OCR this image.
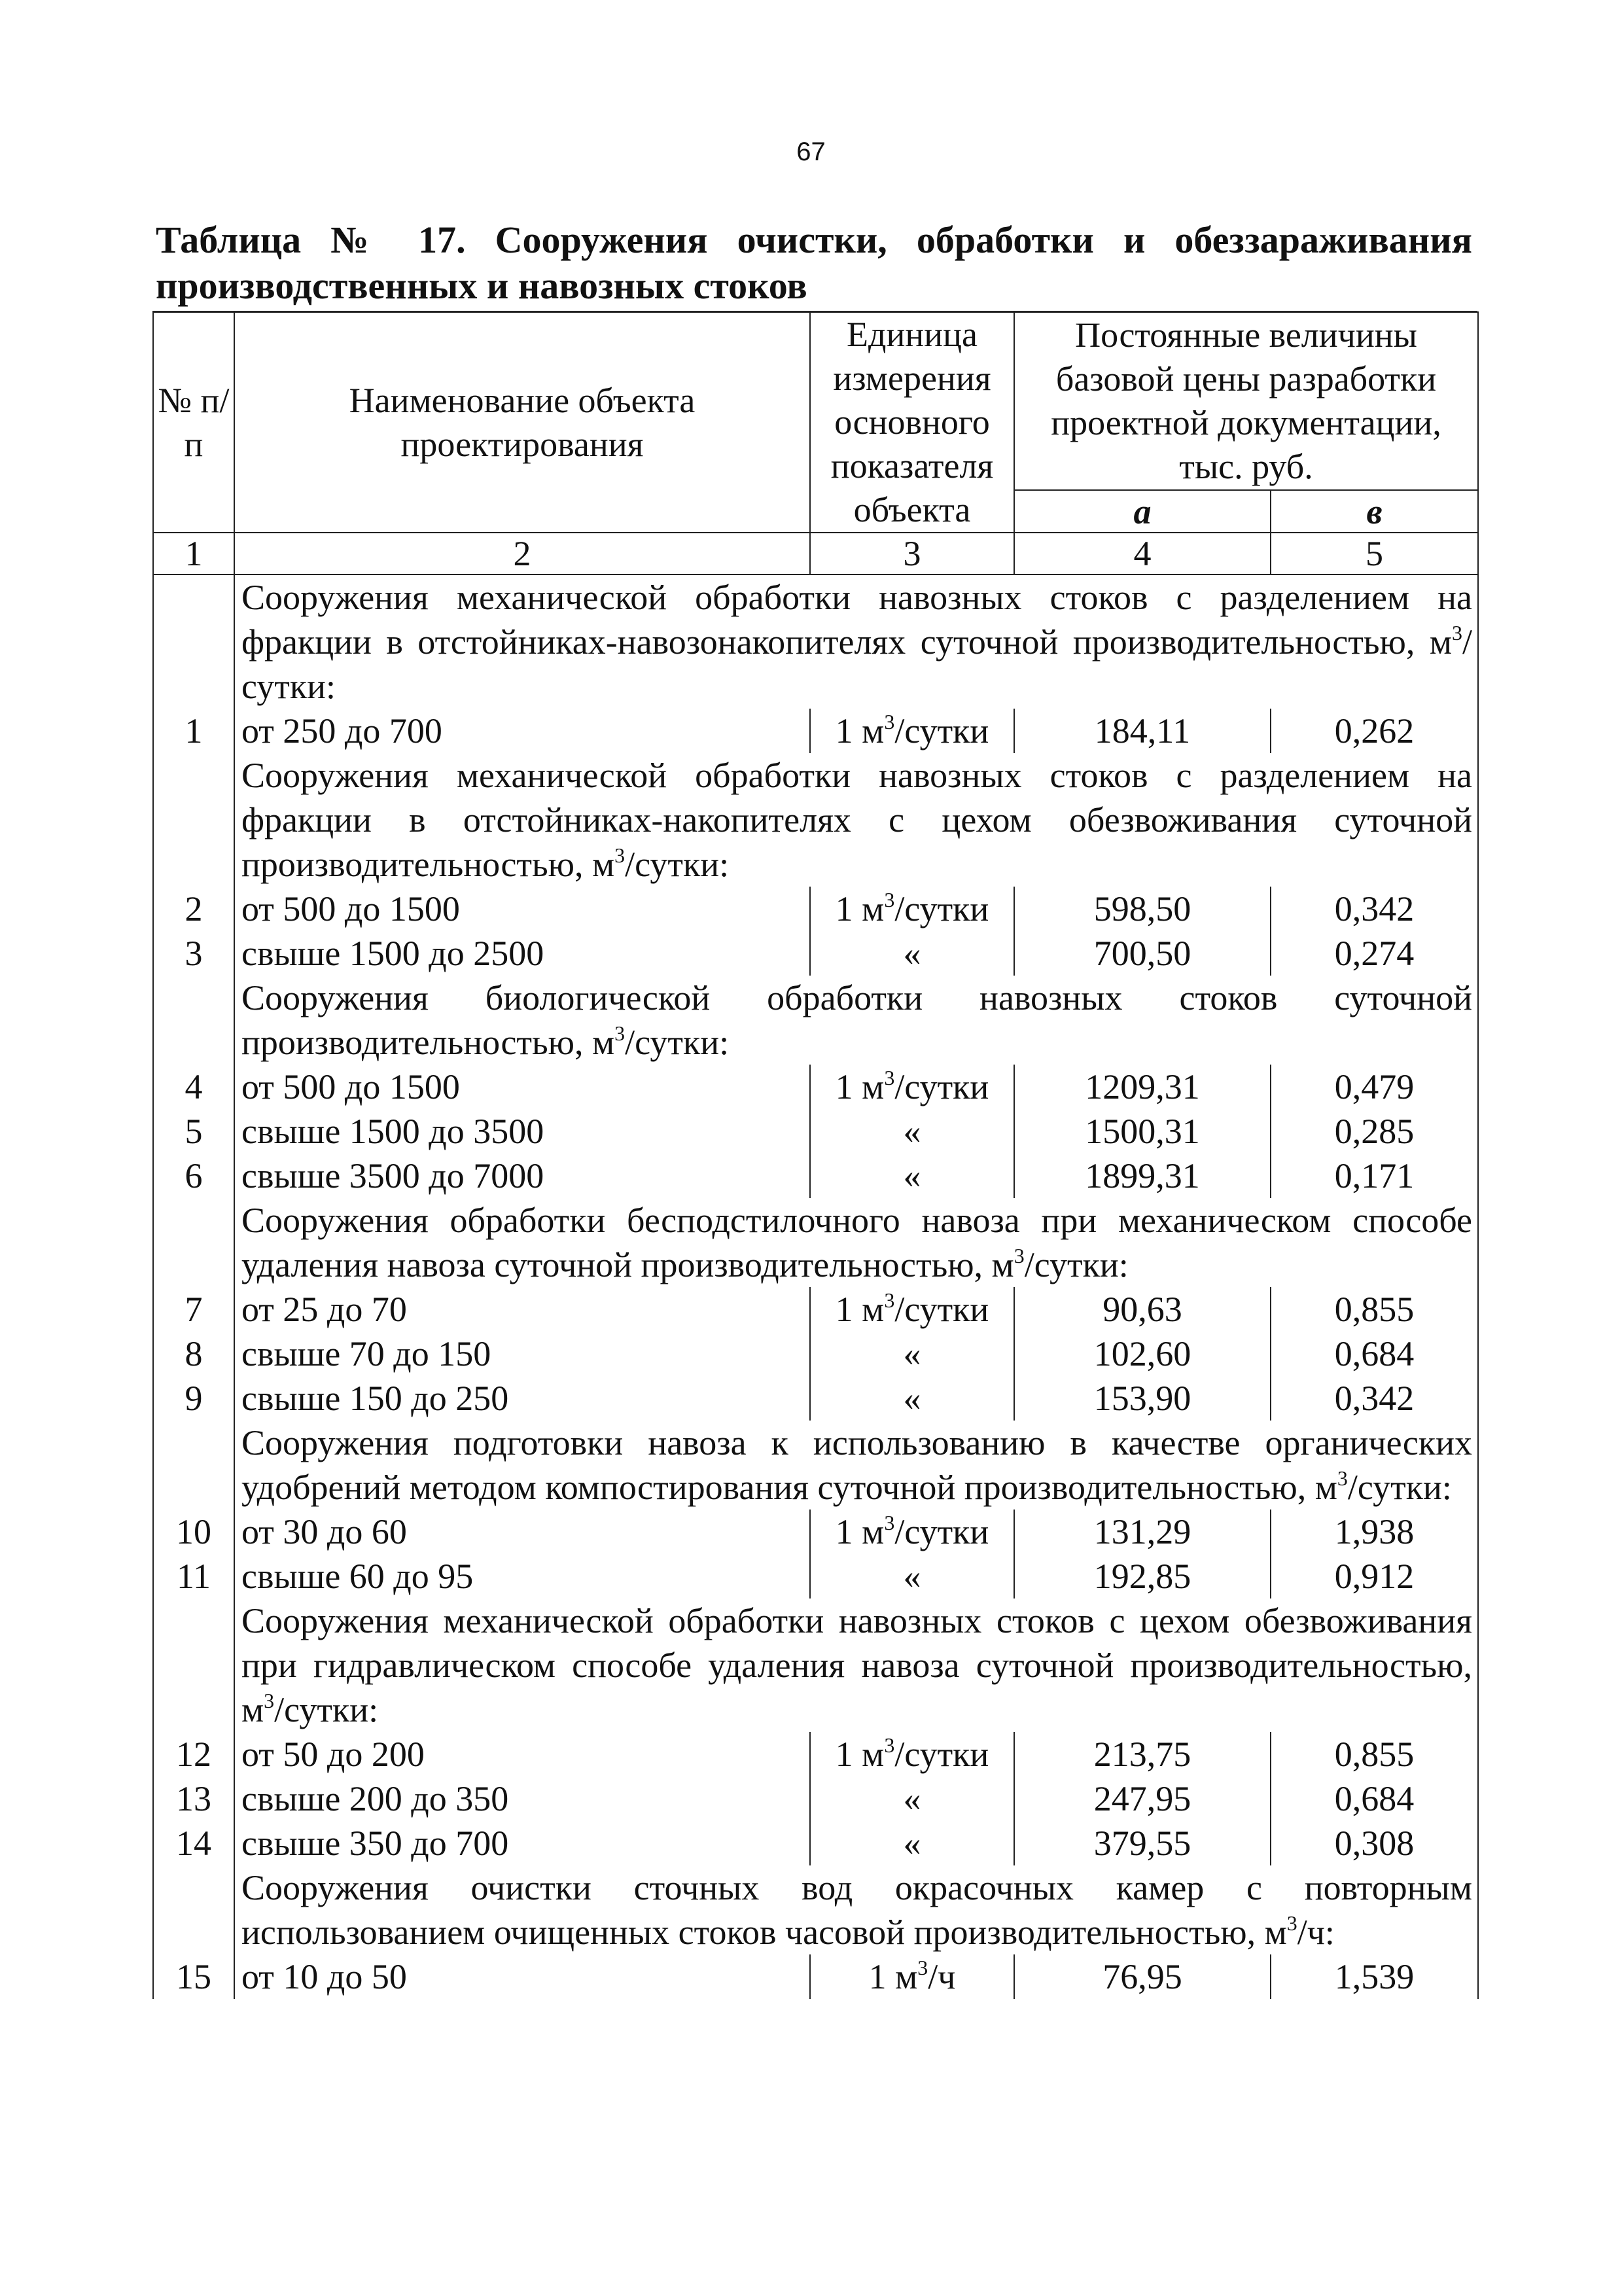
67
Таблица № 17. Сооружения очистки, обработки и обеззараживания
производственных и навозных стоков
№ п/п	Наименование объекта проектирования	Единица измерения основного показателя объекта	Постоянные величины базовой цены разработки проектной документации, тыс. руб.	
			а	в
1	2	3	4	5
	Сооружения механической обработки навозных стоков с разделением на фракции в отстойниках-навозонакопителях суточной производительностью, $м^3$/сутки:			
1	от 250 до 700	1 $м^3$/сутки	184,11	0,262
	Сооружения механической обработки навозных стоков с разделением на фракции в отстойниках-накопителях с цехом обезвоживания суточной производительностью, $м^3$/сутки:			
2	от 500 до 1500	1 $м^3$/сутки	598,50	0,342
3	свыше 1500 до 2500	«	700,50	0,274
	Сооружения биологической обработки навозных стоков суточной производительностью, $м^3$/сутки:			
4	от 500 до 1500	1 $м^3$/сутки	1209,31	0,479
5	свыше 1500 до 3500	«	1500,31	0,285
6	свыше 3500 до 7000	«	1899,31	0,171
	Сооружения обработки бесподстилочного навоза при механическом способе удаления навоза суточной производительностью, $м^3$/сутки:			
7	от 25 до 70	1 $м^3$/сутки	90,63	0,855
8	свыше 70 до 150	«	102,60	0,684
9	свыше 150 до 250	«	153,90	0,342
	Сооружения подготовки навоза к использованию в качестве органических удобрений методом компостирования суточной производительностью, $м^3$/сутки:			
10	от 30 до 60	1 $м^3$/сутки	131,29	1,938
11	свыше 60 до 95	«	192,85	0,912
	Сооружения механической обработки навозных стоков с цехом обезвоживания при гидравлическом способе удаления навоза суточной производительностью, $м^3$/сутки:			
12	от 50 до 200	1 $м^3$/сутки	213,75	0,855
13	свыше 200 до 350	«	247,95	0,684
14	свыше 350 до 700	«	379,55	0,308
	Сооружения очистки сточных вод окрасочных камер с повторным использованием очищенных стоков часовой производительностью, $м^3/ч$:			
15	от 10 до 50	1 $м^3/ч$	76,95	1,539
